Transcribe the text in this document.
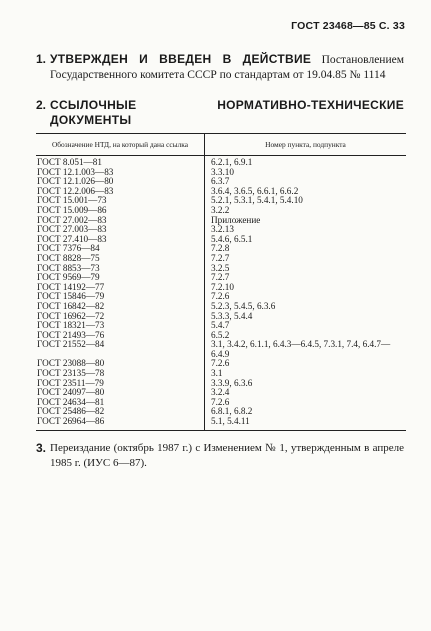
ГОСТ 23468—85 С. 33
1. УТВЕРЖДЕН И ВВЕДЕН В ДЕЙСТВИЕ Постановлением Государственного комитета СССР по стандартам от 19.04.85 № 1114
2. ССЫЛОЧНЫЕ НОРМАТИВНО-ТЕХНИЧЕСКИЕ ДОКУМЕНТЫ
Обозначение НТД, на который дана ссылка	Номер пункта, подпункта
ГОСТ 8.051—81	6.2.1, 6.9.1
ГОСТ 12.1.003—83	3.3.10
ГОСТ 12.1.026—80	6.3.7
ГОСТ 12.2.006—83	3.6.4, 3.6.5, 6.6.1, 6.6.2
ГОСТ 15.001—73	5.2.1, 5.3.1, 5.4.1, 5.4.10
ГОСТ 15.009—86	3.2.2
ГОСТ 27.002—83	Приложение
ГОСТ 27.003—83	3.2.13
ГОСТ 27.410—83	5.4.6, 6.5.1
ГОСТ 7376—84	7.2.8
ГОСТ 8828—75	7.2.7
ГОСТ 8853—73	3.2.5
ГОСТ 9569—79	7.2.7
ГОСТ 14192—77	7.2.10
ГОСТ 15846—79	7.2.6
ГОСТ 16842—82	5.2.3, 5.4.5, 6.3.6
ГОСТ 16962—72	5.3.3, 5.4.4
ГОСТ 18321—73	5.4.7
ГОСТ 21493—76	6.5.2
ГОСТ 21552—84	3.1, 3.4.2, 6.1.1, 6.4.3—6.4.5, 7.3.1, 7.4, 6.4.7—6.4.9
ГОСТ 23088—80	7.2.6
ГОСТ 23135—78	3.1
ГОСТ 23511—79	3.3.9, 6.3.6
ГОСТ 24097—80	3.2.4
ГОСТ 24634—81	7.2.6
ГОСТ 25486—82	6.8.1, 6.8.2
ГОСТ 26964—86	5.1, 5.4.11
3. Переиздание (октябрь 1987 г.) с Изменением № 1, утвержденным в апреле 1985 г. (ИУС 6—87).
